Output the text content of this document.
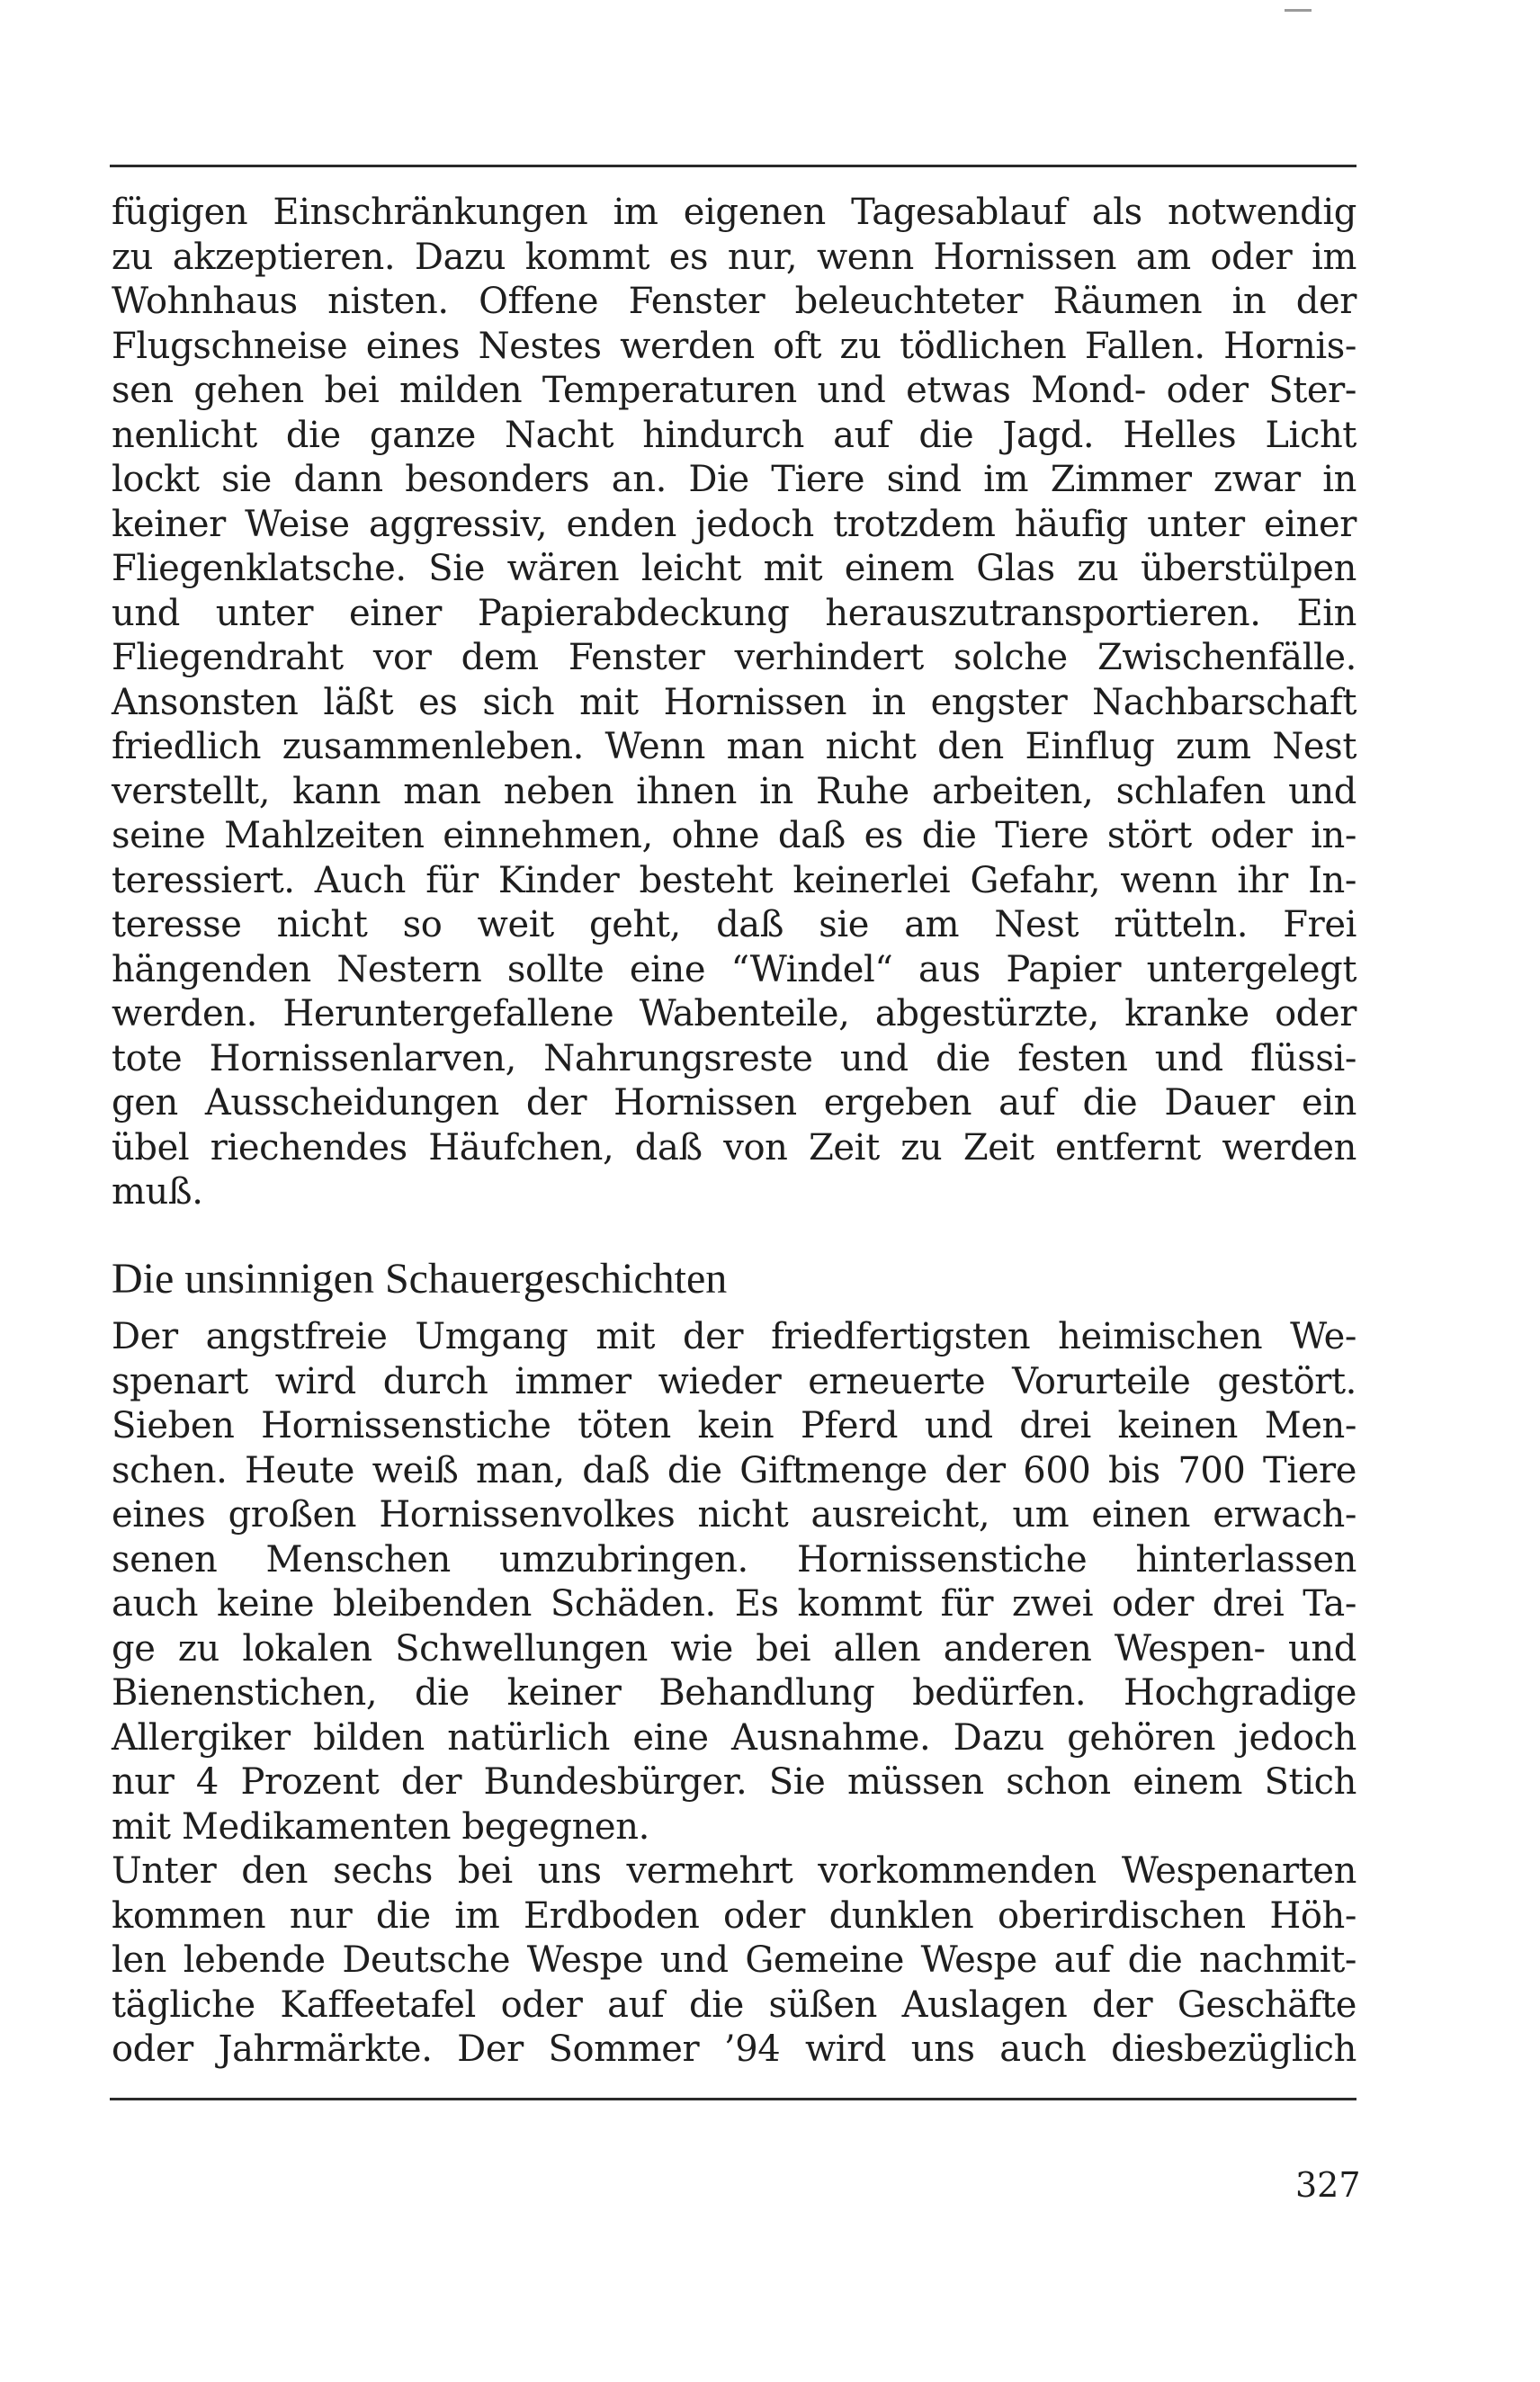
fügigen Einschränkungen im eigenen Tagesablauf als notwendig
zu akzeptieren. Dazu kommt es nur, wenn Hornissen am oder im
Wohnhaus nisten. Offene Fenster beleuchteter Räumen in der
Flugschneise eines Nestes werden oft zu tödlichen Fallen. Hornis-
sen gehen bei milden Temperaturen und etwas Mond- oder Ster-
nenlicht die ganze Nacht hindurch auf die Jagd. Helles Licht
lockt sie dann besonders an. Die Tiere sind im Zimmer zwar in
keiner Weise aggressiv, enden jedoch trotzdem häufig unter einer
Fliegenklatsche. Sie wären leicht mit einem Glas zu überstülpen
und unter einer Papierabdeckung herauszutransportieren. Ein
Fliegendraht vor dem Fenster verhindert solche Zwischenfälle.
Ansonsten läßt es sich mit Hornissen in engster Nachbarschaft
friedlich zusammenleben. Wenn man nicht den Einflug zum Nest
verstellt, kann man neben ihnen in Ruhe arbeiten, schlafen und
seine Mahlzeiten einnehmen, ohne daß es die Tiere stört oder in-
teressiert. Auch für Kinder besteht keinerlei Gefahr, wenn ihr In-
teresse nicht so weit geht, daß sie am Nest rütteln. Frei
hängenden Nestern sollte eine “Windel“ aus Papier untergelegt
werden. Heruntergefallene Wabenteile, abgestürzte, kranke oder
tote Hornissenlarven, Nahrungsreste und die festen und flüssi-
gen Ausscheidungen der Hornissen ergeben auf die Dauer ein
übel riechendes Häufchen, daß von Zeit zu Zeit entfernt werden
muß.
Die unsinnigen Schauergeschichten
Der angstfreie Umgang mit der friedfertigsten heimischen We-
spenart wird durch immer wieder erneuerte Vorurteile gestört.
Sieben Hornissenstiche töten kein Pferd und drei keinen Men-
schen. Heute weiß man, daß die Giftmenge der 600 bis 700 Tiere
eines großen Hornissenvolkes nicht ausreicht, um einen erwach-
senen Menschen umzubringen. Hornissenstiche hinterlassen
auch keine bleibenden Schäden. Es kommt für zwei oder drei Ta-
ge zu lokalen Schwellungen wie bei allen anderen Wespen- und
Bienenstichen, die keiner Behandlung bedürfen. Hochgradige
Allergiker bilden natürlich eine Ausnahme. Dazu gehören jedoch
nur 4 Prozent der Bundesbürger. Sie müssen schon einem Stich
mit Medikamenten begegnen.
Unter den sechs bei uns vermehrt vorkommenden Wespenarten
kommen nur die im Erdboden oder dunklen oberirdischen Höh-
len lebende Deutsche Wespe und Gemeine Wespe auf die nachmit-
tägliche Kaffeetafel oder auf die süßen Auslagen der Geschäfte
oder Jahrmärkte. Der Sommer ’94 wird uns auch diesbezüglich
327
